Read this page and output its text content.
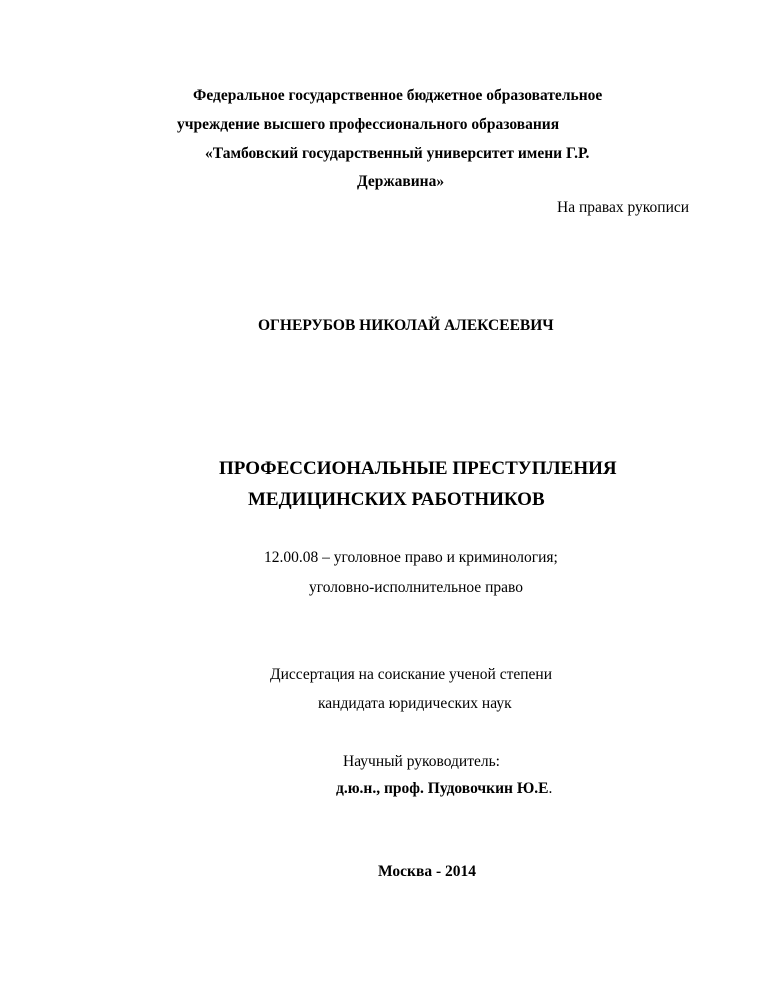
Федеральное государственное бюджетное образовательное
учреждение высшего профессионального образования
«Тамбовский государственный университет имени Г.Р.
Державина»
На правах рукописи
ОГНЕРУБОВ НИКОЛАЙ АЛЕКСЕЕВИЧ
ПРОФЕССИОНАЛЬНЫЕ ПРЕСТУПЛЕНИЯ
МЕДИЦИНСКИХ РАБОТНИКОВ
12.00.08 – уголовное право и криминология;
уголовно-исполнительное право
Диссертация на соискание ученой степени
кандидата юридических наук
Научный руководитель:
д.ю.н., проф. Пудовочкин Ю.Е.
Москва - 2014
